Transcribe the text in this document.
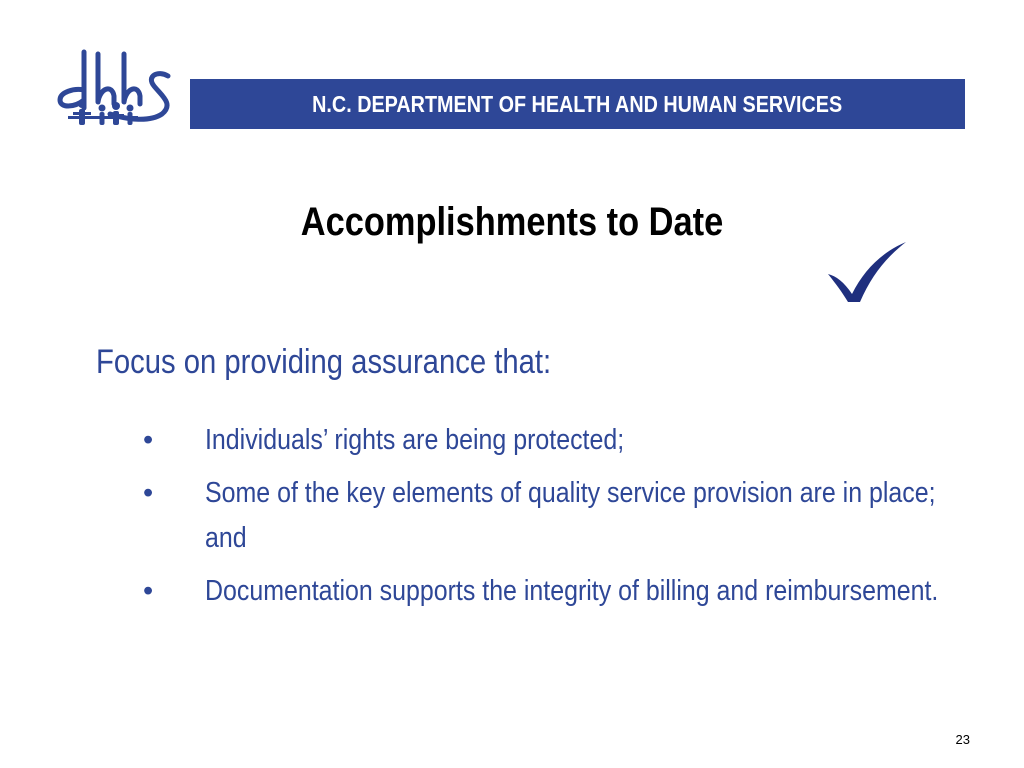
N.C. DEPARTMENT OF HEALTH AND HUMAN SERVICES
Accomplishments to Date
Focus on providing assurance that:
• Individuals’ rights are being protected;
• Some of the key elements of quality service provision are in place; and
• Documentation supports the integrity of billing and reimbursement.
23
